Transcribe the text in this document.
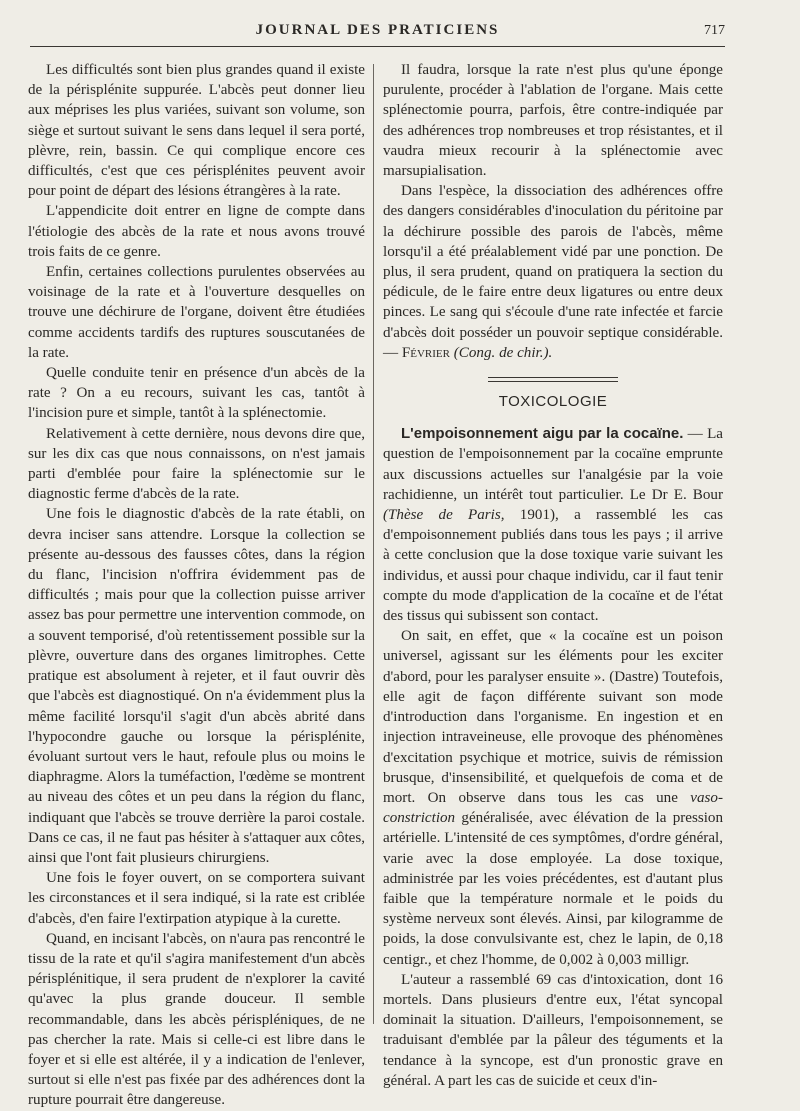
JOURNAL DES PRATICIENS	717

Les difficultés sont bien plus grandes quand il existe de la périsplénite suppurée. L'abcès peut donner lieu aux méprises les plus variées, suivant son volume, son siège et surtout suivant le sens dans lequel il sera porté, plèvre, rein, bassin. Ce qui complique encore ces difficultés, c'est que ces périsplénites peuvent avoir pour point de départ des lésions étrangères à la rate.

L'appendicite doit entrer en ligne de compte dans l'étiologie des abcès de la rate et nous avons trouvé trois faits de ce genre.

Enfin, certaines collections purulentes observées au voisinage de la rate et à l'ouverture desquelles on trouve une déchirure de l'organe, doivent être étudiées comme accidents tardifs des ruptures souscutanées de la rate.

Quelle conduite tenir en présence d'un abcès de la rate ? On a eu recours, suivant les cas, tantôt à l'incision pure et simple, tantôt à la splénectomie.

Relativement à cette dernière, nous devons dire que, sur les dix cas que nous connaissons, on n'est jamais parti d'emblée pour faire la splénectomie sur le diagnostic ferme d'abcès de la rate.

Une fois le diagnostic d'abcès de la rate établi, on devra inciser sans attendre. Lorsque la collection se présente au-dessous des fausses côtes, dans la région du flanc, l'incision n'offrira évidemment pas de difficultés ; mais pour que la collection puisse arriver assez bas pour permettre une intervention commode, on a souvent temporisé, d'où retentissement possible sur la plèvre, ouverture dans des organes limitrophes. Cette pratique est absolument à rejeter, et il faut ouvrir dès que l'abcès est diagnostiqué. On n'a évidemment plus la même facilité lorsqu'il s'agit d'un abcès abrité dans l'hypocondre gauche ou lorsque la périsplénite, évoluant surtout vers le haut, refoule plus ou moins le diaphragme. Alors la tuméfaction, l'œdème se montrent au niveau des côtes et un peu dans la région du flanc, indiquant que l'abcès se trouve derrière la paroi costale. Dans ce cas, il ne faut pas hésiter à s'attaquer aux côtes, ainsi que l'ont fait plusieurs chirurgiens.

Une fois le foyer ouvert, on se comportera suivant les circonstances et il sera indiqué, si la rate est criblée d'abcès, d'en faire l'extirpation atypique à la curette.

Quand, en incisant l'abcès, on n'aura pas rencontré le tissu de la rate et qu'il s'agira manifestement d'un abcès périsplénitique, il sera prudent de n'explorer la cavité qu'avec la plus grande douceur. Il semble recommandable, dans les abcès périspléniques, de ne pas chercher la rate. Mais si celle-ci est libre dans le foyer et si elle est altérée, il y a indication de l'enlever, surtout si elle n'est pas fixée par des adhérences dont la rupture pourrait être dangereuse.

Il faudra, lorsque la rate n'est plus qu'une éponge purulente, procéder à l'ablation de l'organe. Mais cette splénectomie pourra, parfois, être contre-indiquée par des adhérences trop nombreuses et trop résistantes, et il vaudra mieux recourir à la splénectomie avec marsupialisation.

Dans l'espèce, la dissociation des adhérences offre des dangers considérables d'inoculation du péritoine par la déchirure possible des parois de l'abcès, même lorsqu'il a été préalablement vidé par une ponction. De plus, il sera prudent, quand on pratiquera la section du pédicule, de le faire entre deux ligatures ou entre deux pinces. Le sang qui s'écoule d'une rate infectée et farcie d'abcès doit posséder un pouvoir septique considérable. — Février (Cong. de chir.).

TOXICOLOGIE

L'empoisonnement aigu par la cocaïne. — La question de l'empoisonnement par la cocaïne emprunte aux discussions actuelles sur l'analgésie par la voie rachidienne, un intérêt tout particulier. Le Dr E. Bour (Thèse de Paris, 1901), a rassemblé les cas d'empoisonnement publiés dans tous les pays ; il arrive à cette conclusion que la dose toxique varie suivant les individus, et aussi pour chaque individu, car il faut tenir compte du mode d'application de la cocaïne et de l'état des tissus qui subissent son contact.

On sait, en effet, que « la cocaïne est un poison universel, agissant sur les éléments pour les exciter d'abord, pour les paralyser ensuite ». (Dastre) Toutefois, elle agit de façon différente suivant son mode d'introduction dans l'organisme. En ingestion et en injection intraveineuse, elle provoque des phénomènes d'excitation psychique et motrice, suivis de rémission brusque, d'insensibilité, et quelquefois de coma et de mort. On observe dans tous les cas une vaso-constriction généralisée, avec élévation de la pression artérielle. L'intensité de ces symptômes, d'ordre général, varie avec la dose employée. La dose toxique, administrée par les voies précédentes, est d'autant plus faible que la température normale et le poids du système nerveux sont élevés. Ainsi, par kilogramme de poids, la dose convulsivante est, chez le lapin, de 0,18 centigr., et chez l'homme, de 0,002 à 0,003 milligr.

L'auteur a rassemblé 69 cas d'intoxication, dont 16 mortels. Dans plusieurs d'entre eux, l'état syncopal dominait la situation. D'ailleurs, l'empoisonnement, se traduisant d'emblée par la pâleur des téguments et la tendance à la syncope, est d'un pronostic grave en général. A part les cas de suicide et ceux d'in-
